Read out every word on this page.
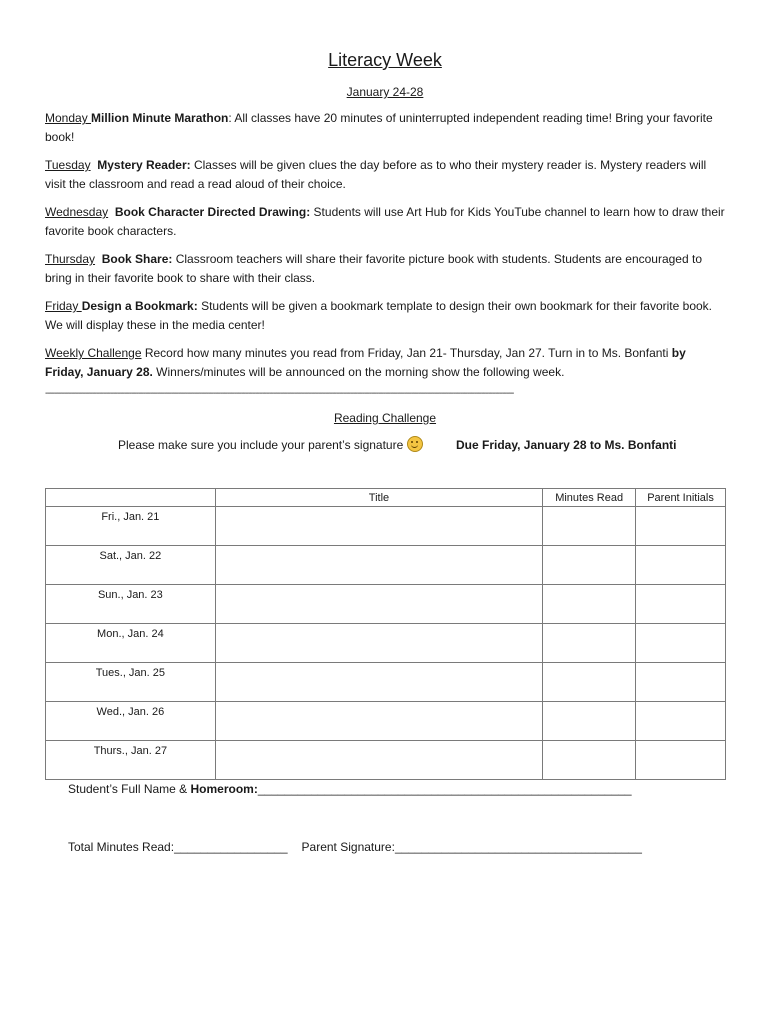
Literacy Week
January 24-28
Monday Million Minute Marathon: All classes have 20 minutes of uninterrupted independent reading time! Bring your favorite book!
Tuesday Mystery Reader: Classes will be given clues the day before as to who their mystery reader is. Mystery readers will visit the classroom and read a read aloud of their choice.
Wednesday Book Character Directed Drawing: Students will use Art Hub for Kids YouTube channel to learn how to draw their favorite book characters.
Thursday Book Share: Classroom teachers will share their favorite picture book with students. Students are encouraged to bring in their favorite book to share with their class.
Friday Design a Bookmark: Students will be given a bookmark template to design their own bookmark for their favorite book. We will display these in the media center!
Weekly Challenge Record how many minutes you read from Friday, Jan 21- Thursday, Jan 27. Turn in to Ms. Bonfanti by Friday, January 28. Winners/minutes will be announced on the morning show the following week.
---------------------------------------------------------------------------------------------------------------------------------------------------------------------------------------------------------
Reading Challenge
Please make sure you include your parent’s signature	Due Friday, January 28 to Ms. Bonfanti
	Title	Minutes Read	Parent Initials
Fri., Jan. 21			
Sat., Jan. 22			
Sun., Jan. 23			
Mon., Jan. 24			
Tues., Jan. 25			
Wed., Jan. 26			
Thurs., Jan. 27			
Student’s Full Name & Homeroom:________________________________________________________
Total Minutes Read:_________________ Parent Signature:_____________________________________
